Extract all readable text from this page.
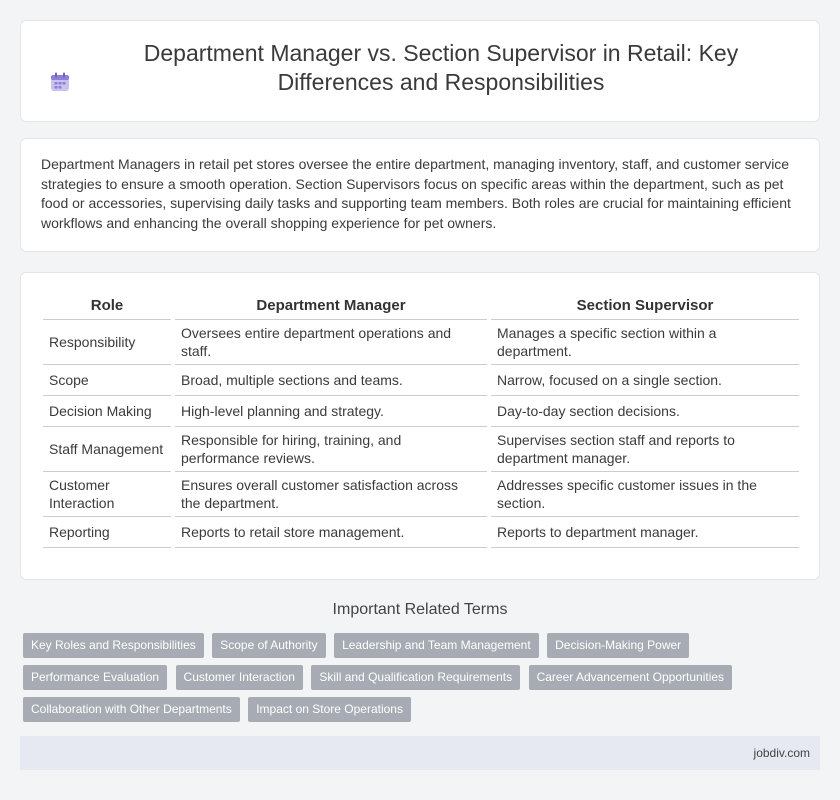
Department Manager vs. Section Supervisor in Retail: Key Differences and Responsibilities

Department Managers in retail pet stores oversee the entire department, managing inventory, staff, and customer service strategies to ensure a smooth operation. Section Supervisors focus on specific areas within the department, such as pet food or accessories, supervising daily tasks and supporting team members. Both roles are crucial for maintaining efficient workflows and enhancing the overall shopping experience for pet owners.

Role		Department Manager		Section Supervisor
Responsibility		Oversees entire department operations and staff.		Manages a specific section within a department.
Scope		Broad, multiple sections and teams.		Narrow, focused on a single section.
Decision Making		High-level planning and strategy.		Day-to-day section decisions.
Staff Management		Responsible for hiring, training, and performance reviews.		Supervises section staff and reports to department manager.
Customer Interaction		Ensures overall customer satisfaction across the department.		Addresses specific customer issues in the section.
Reporting		Reports to retail store management.		Reports to department manager.
Important Related Terms
Key Roles and Responsibilities Scope of Authority Leadership and Team Management Decision-Making Power Performance Evaluation Customer Interaction Skill and Qualification Requirements Career Advancement Opportunities Collaboration with Other Departments Impact on Store Operations
jobdiv.com
